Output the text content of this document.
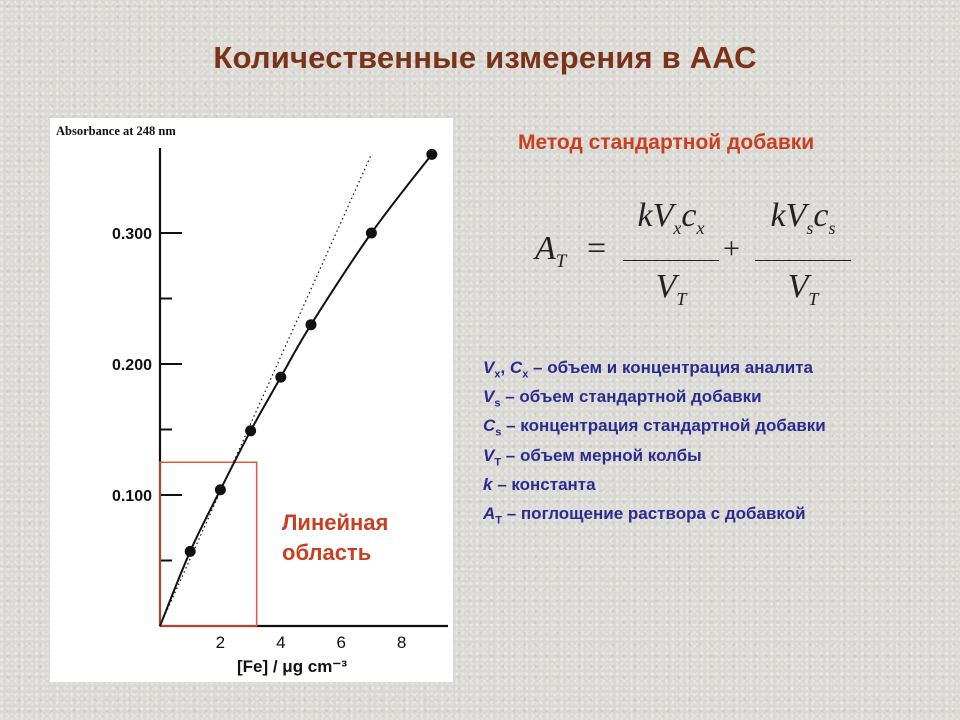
Количественные измерения в ААС
Absorbance at 248 nm
0.100
0.200
0.300
2	4	6	8
[Fe] / μg cm⁻³
Линейная область
Метод стандартной добавки
$A_T$ =
$kV_xc_x$
$V_T$
+
$kV_sc_s$
$V_T$
$V_x$, $C_x$ – объем и концентрация аналита
$V_s$ – объем стандартной добавки
$C_s$ – концентрация стандартной добавки
$V_T$ – объем мерной колбы
k – константа
$A_T$ – поглощение раствора с добавкой
